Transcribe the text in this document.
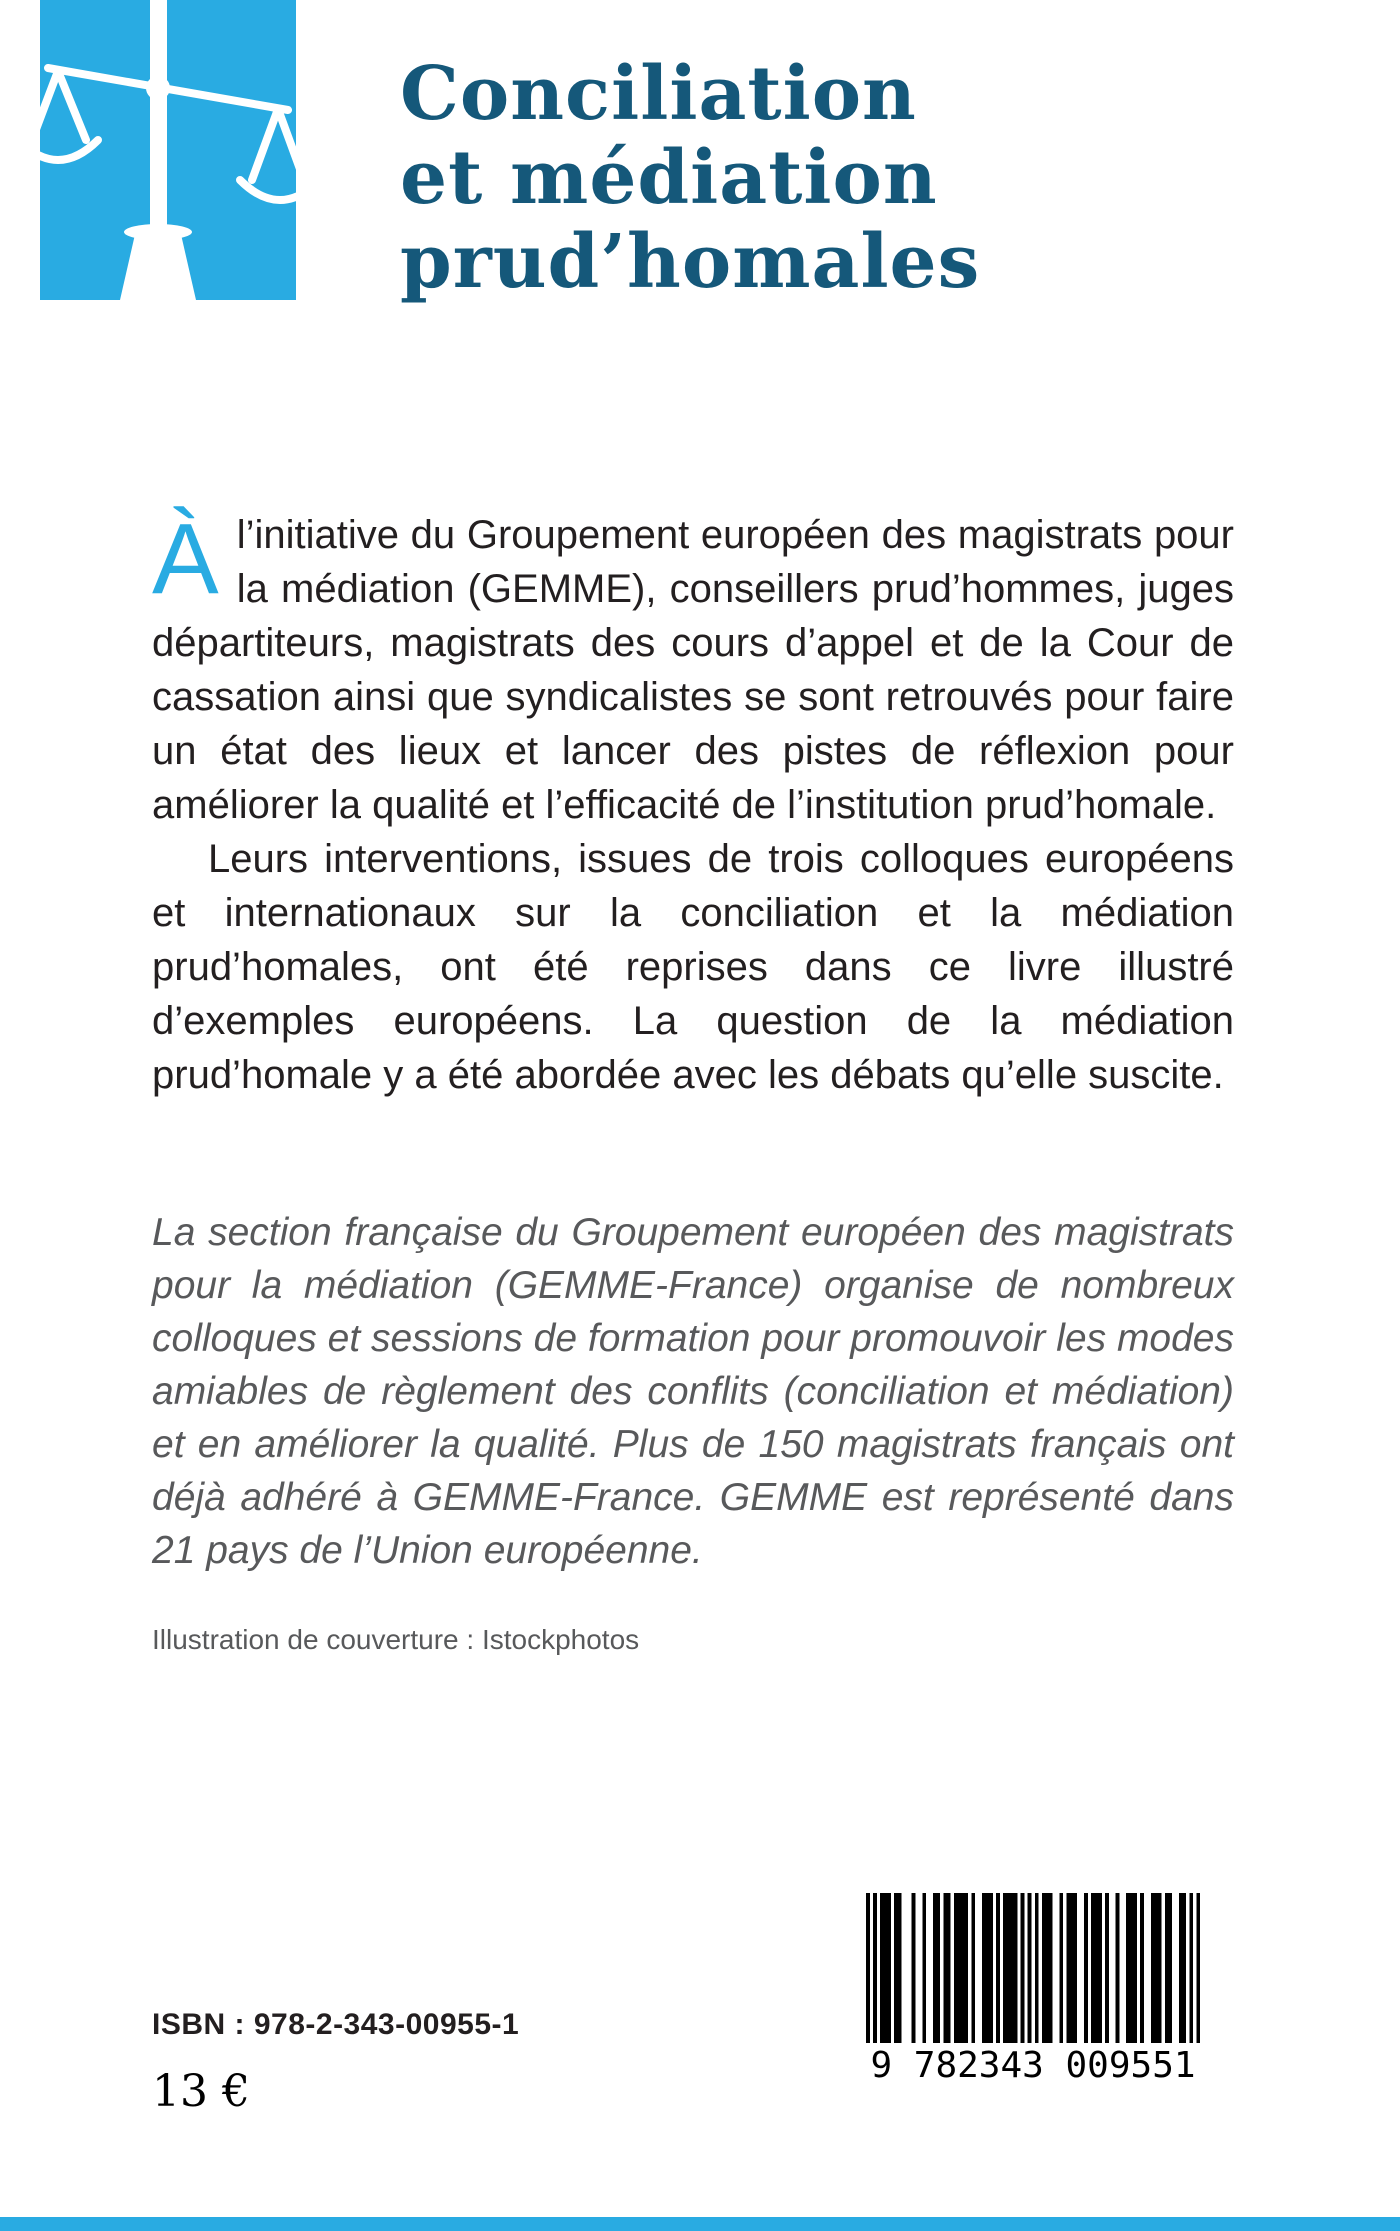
Conciliation
et médiation
prud’homales

Àl’initiative du Groupement européen des magistrats pour la médiation (GEMME), conseillers prud’hommes, juges départiteurs, magistrats des cours d’appel et de la Cour de cassation ainsi que syndicalistes se sont retrouvés pour faire un état des lieux et lancer des pistes de réflexion pour améliorer la qualité et l’efficacité de l’institution prud’homale.

Leurs interventions, issues de trois colloques européens et internationaux sur la conciliation et la médiation prud’homales, ont été reprises dans ce livre illustré d’exemples européens. La question de la médiation prud’homale y a été abordée avec les débats qu’elle suscite.

La section française du Groupement européen des magistrats pour la médiation (GEMME-France) organise de nombreux colloques et sessions de formation pour promouvoir les modes amiables de règlement des conflits (conciliation et médiation) et en améliorer la qualité. Plus de 150 magistrats français ont déjà adhéré à GEMME-France. GEMME est représenté dans 21 pays de l’Union européenne.

Illustration de couverture : Istockphotos

9 782343 009551
ISBN : 978-2-343-00955-1
13 €
